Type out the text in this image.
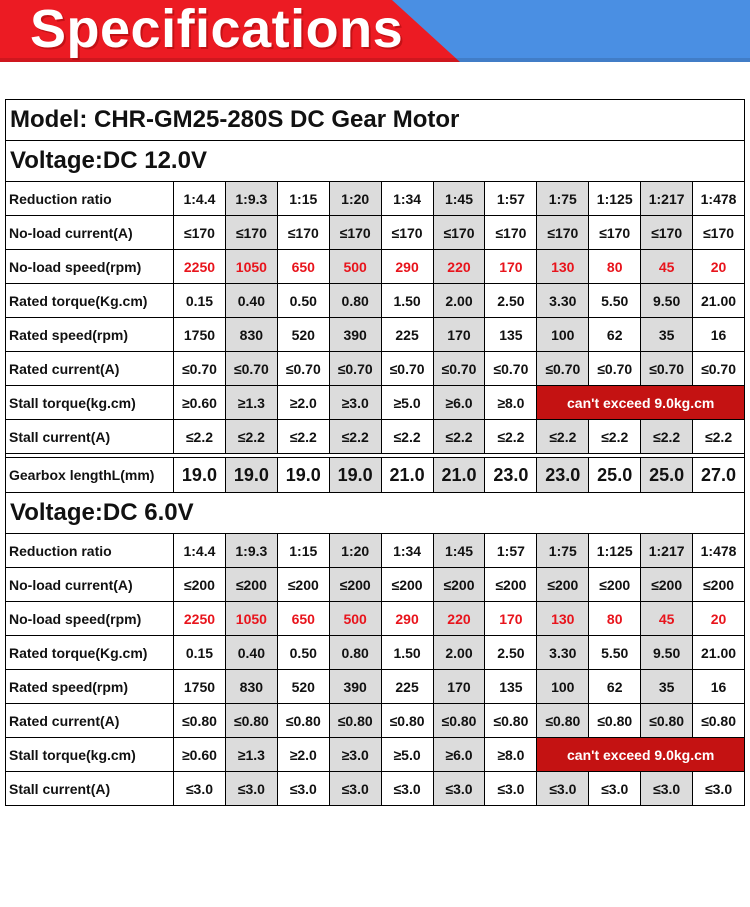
Specifications
Model: CHR-GM25-280S DC Gear Motor											
Voltage:DC 12.0V											
Reduction ratio	1:4.4	1:9.3	1:15	1:20	1:34	1:45	1:57	1:75	1:125	1:217	1:478
No-load current(A)	≤170	≤170	≤170	≤170	≤170	≤170	≤170	≤170	≤170	≤170	≤170
No-load speed(rpm)	2250	1050	650	500	290	220	170	130	80	45	20
Rated torque(Kg.cm)	0.15	0.40	0.50	0.80	1.50	2.00	2.50	3.30	5.50	9.50	21.00
Rated speed(rpm)	1750	830	520	390	225	170	135	100	62	35	16
Rated current(A)	≤0.70	≤0.70	≤0.70	≤0.70	≤0.70	≤0.70	≤0.70	≤0.70	≤0.70	≤0.70	≤0.70
Stall torque(kg.cm)	≥0.60	≥1.3	≥2.0	≥3.0	≥5.0	≥6.0	≥8.0	can't exceed 9.0kg.cm			
Stall current(A)	≤2.2	≤2.2	≤2.2	≤2.2	≤2.2	≤2.2	≤2.2	≤2.2	≤2.2	≤2.2	≤2.2

Gearbox lengthL(mm)	19.0	19.0	19.0	19.0	21.0	21.0	23.0	23.0	25.0	25.0	27.0
Voltage:DC 6.0V											
Reduction ratio	1:4.4	1:9.3	1:15	1:20	1:34	1:45	1:57	1:75	1:125	1:217	1:478
No-load current(A)	≤200	≤200	≤200	≤200	≤200	≤200	≤200	≤200	≤200	≤200	≤200
No-load speed(rpm)	2250	1050	650	500	290	220	170	130	80	45	20
Rated torque(Kg.cm)	0.15	0.40	0.50	0.80	1.50	2.00	2.50	3.30	5.50	9.50	21.00
Rated speed(rpm)	1750	830	520	390	225	170	135	100	62	35	16
Rated current(A)	≤0.80	≤0.80	≤0.80	≤0.80	≤0.80	≤0.80	≤0.80	≤0.80	≤0.80	≤0.80	≤0.80
Stall torque(kg.cm)	≥0.60	≥1.3	≥2.0	≥3.0	≥5.0	≥6.0	≥8.0	can't exceed 9.0kg.cm			
Stall current(A)	≤3.0	≤3.0	≤3.0	≤3.0	≤3.0	≤3.0	≤3.0	≤3.0	≤3.0	≤3.0	≤3.0
